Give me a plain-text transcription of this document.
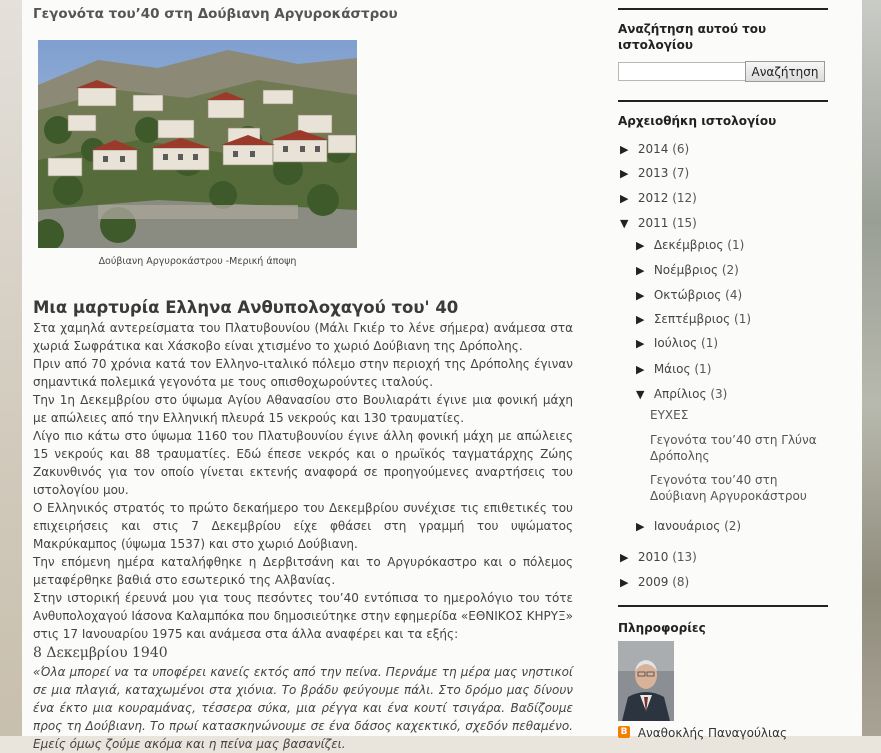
Γεγονότα του’40 στη Δούβιανη Αργυροκάστρου
Δούβιανη Αργυροκάστρου -Μερική άποψη
Μια μαρτυρία Ελληνα Ανθυπολοχαγού του' 40

Στα χαμηλά αντερείσματα του Πλατυβουνίου (Μάλι Γκιέρ το λένε σήμερα) ανάμεσα στα χωριά Σωφράτικα και Χάσκοβο είναι χτισμένο το χωριό Δούβιανη της Δρόπολης.

Πριν από 70 χρόνια κατά τον Ελληνο-ιταλικό πόλεμο στην περιοχή της Δρόπολης έγιναν σημαντικά πολεμικά γεγονότα με τους οπισθοχωρούντες ιταλούς.

Την 1η Δεκεμβρίου στο ύψωμα Αγίου Αθανασίου στο Βουλιαράτι έγινε μια φονική μάχη με απώλειες από την Ελληνική πλευρά 15 νεκρούς και 130 τραυματίες.

Λίγο πιο κάτω στο ύψωμα 1160 του Πλατυβουνίου έγινε άλλη φονική μάχη με απώλειες 15 νεκρούς και 88 τραυματίες. Εδώ έπεσε νεκρός και ο ηρωϊκός ταγματάρχης Ζώης Ζακυνθινός για τον οποίο γίνεται εκτενής αναφορά σε προηγούμενες αναρτήσεις του ιστολογίου μου.

Ο Ελληνικός στρατός το πρώτο δεκαήμερο του Δεκεμβρίου συνέχισε τις επιθετικές του επιχειρήσεις και στις 7 Δεκεμβρίου είχε φθάσει στη γραμμή του υψώματος Μακρύκαμπος (ύψωμα 1537) και στο χωριό Δούβιανη.

Την επόμενη ημέρα καταλήφθηκε η Δερβιτσάνη και το Αργυρόκαστρο και ο πόλεμος μεταφέρθηκε βαθιά στο εσωτερικό της Αλβανίας.

Στην ιστορική έρευνά μου για τους πεσόντες του’40 εντόπισα το ημερολόγιο του τότε Ανθυπολοχαγού Ιάσονα Καλαμπόκα που δημοσιεύτηκε στην εφημερίδα «ΕΘΝΙΚΟΣ ΚΗΡΥΞ» στις 17 Ιανουαρίου 1975 και ανάμεσα στα άλλα αναφέρει και τα εξής:

8 Δεκεμβρίου 1940

«Όλα μπορεί να τα υποφέρει κανείς εκτός από την πείνα. Περνάμε τη μέρα μας νηστικοί σε μια πλαγιά, καταχωμένοι στα χιόνια. Το βράδυ φεύγουμε πάλι. Στο δρόμο μας δίνουν ένα έκτο μια κουραμάνας, τέσσερα σύκα, μια ρέγγα και ένα κουτί τσιγάρα. Βαδίζουμε προς τη Δούβιανη. Το πρωί κατασκηνώνουμε σε ένα δάσος καχεκτικό, σχεδόν πεθαμένο. Εμείς όμως ζούμε ακόμα και η πείνα μας βασανίζει.

Αναζήτηση αυτού του ιστολογίου
Αναζήτηση
Αρχειοθήκη ιστολογίου
▶ 2014 (6)
▶ 2013 (7)
▶ 2012 (12)
▼ 2011 (15)
▶ Δεκέμβριος (1)
▶ Νοέμβριος (2)
▶ Οκτώβριος (4)
▶ Σεπτέμβριος (1)
▶ Ιούλιος (1)
▶ Μάιος (1)
▼ Απρίλιος (3)
ΕΥΧΕΣ
Γεγονότα του’40 στη Γλύνα Δρόπολης
Γεγονότα του’40 στη Δούβιανη Αργυροκάστρου
▶ Ιανουάριος (2)
▶ 2010 (13)
▶ 2009 (8)
Πληροφορίες
B Αναθοκλής Παναγούλιας
